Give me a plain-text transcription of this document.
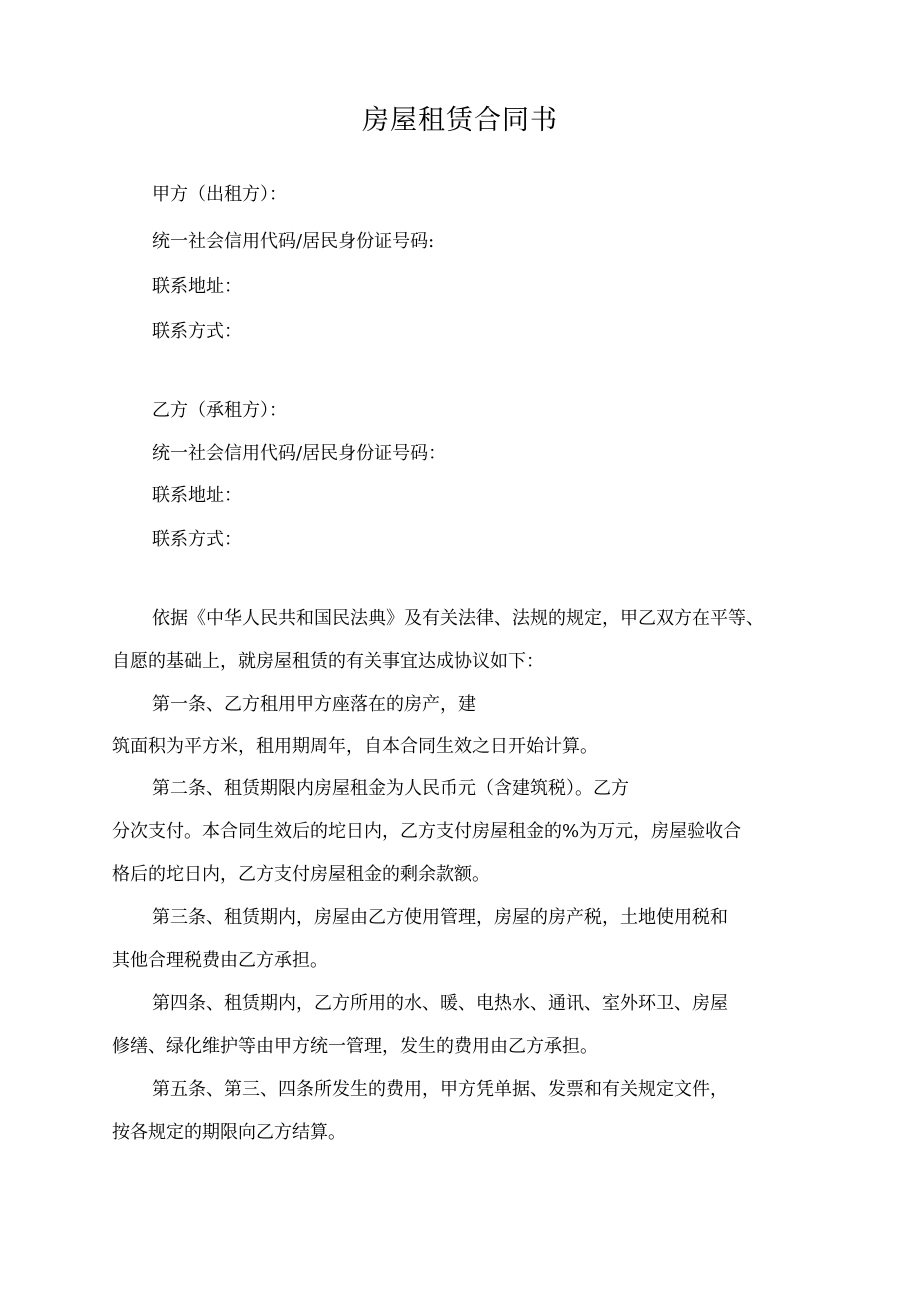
房屋租赁合同书
甲方（出租方）：
统一社会信用代码/居民身份证号码:
联系地址：
联系方式：
乙方（承租方）：
统一社会信用代码/居民身份证号码：
联系地址：
联系方式：
依据《中华人民共和国民法典》及有关法律、法规的规定，甲乙双方在平等、
自愿的基础上，就房屋租赁的有关事宜达成协议如下：
第一条、乙方租用甲方座落在的房产，建
筑面积为平方米，租用期周年，自本合同生效之日开始计算。
第二条、租赁期限内房屋租金为人民币元（含建筑税）。乙方
分次支付。本合同生效后的坨日内，乙方支付房屋租金的%为万元，房屋验收合
格后的坨日内，乙方支付房屋租金的剩余款额。
第三条、租赁期内，房屋由乙方使用管理，房屋的房产税，土地使用税和
其他合理税费由乙方承担。
第四条、租赁期内，乙方所用的水、暖、电热水、通讯、室外环卫、房屋
修缮、绿化维护等由甲方统一管理，发生的费用由乙方承担。
第五条、第三、四条所发生的费用，甲方凭单据、发票和有关规定文件，
按各规定的期限向乙方结算。
